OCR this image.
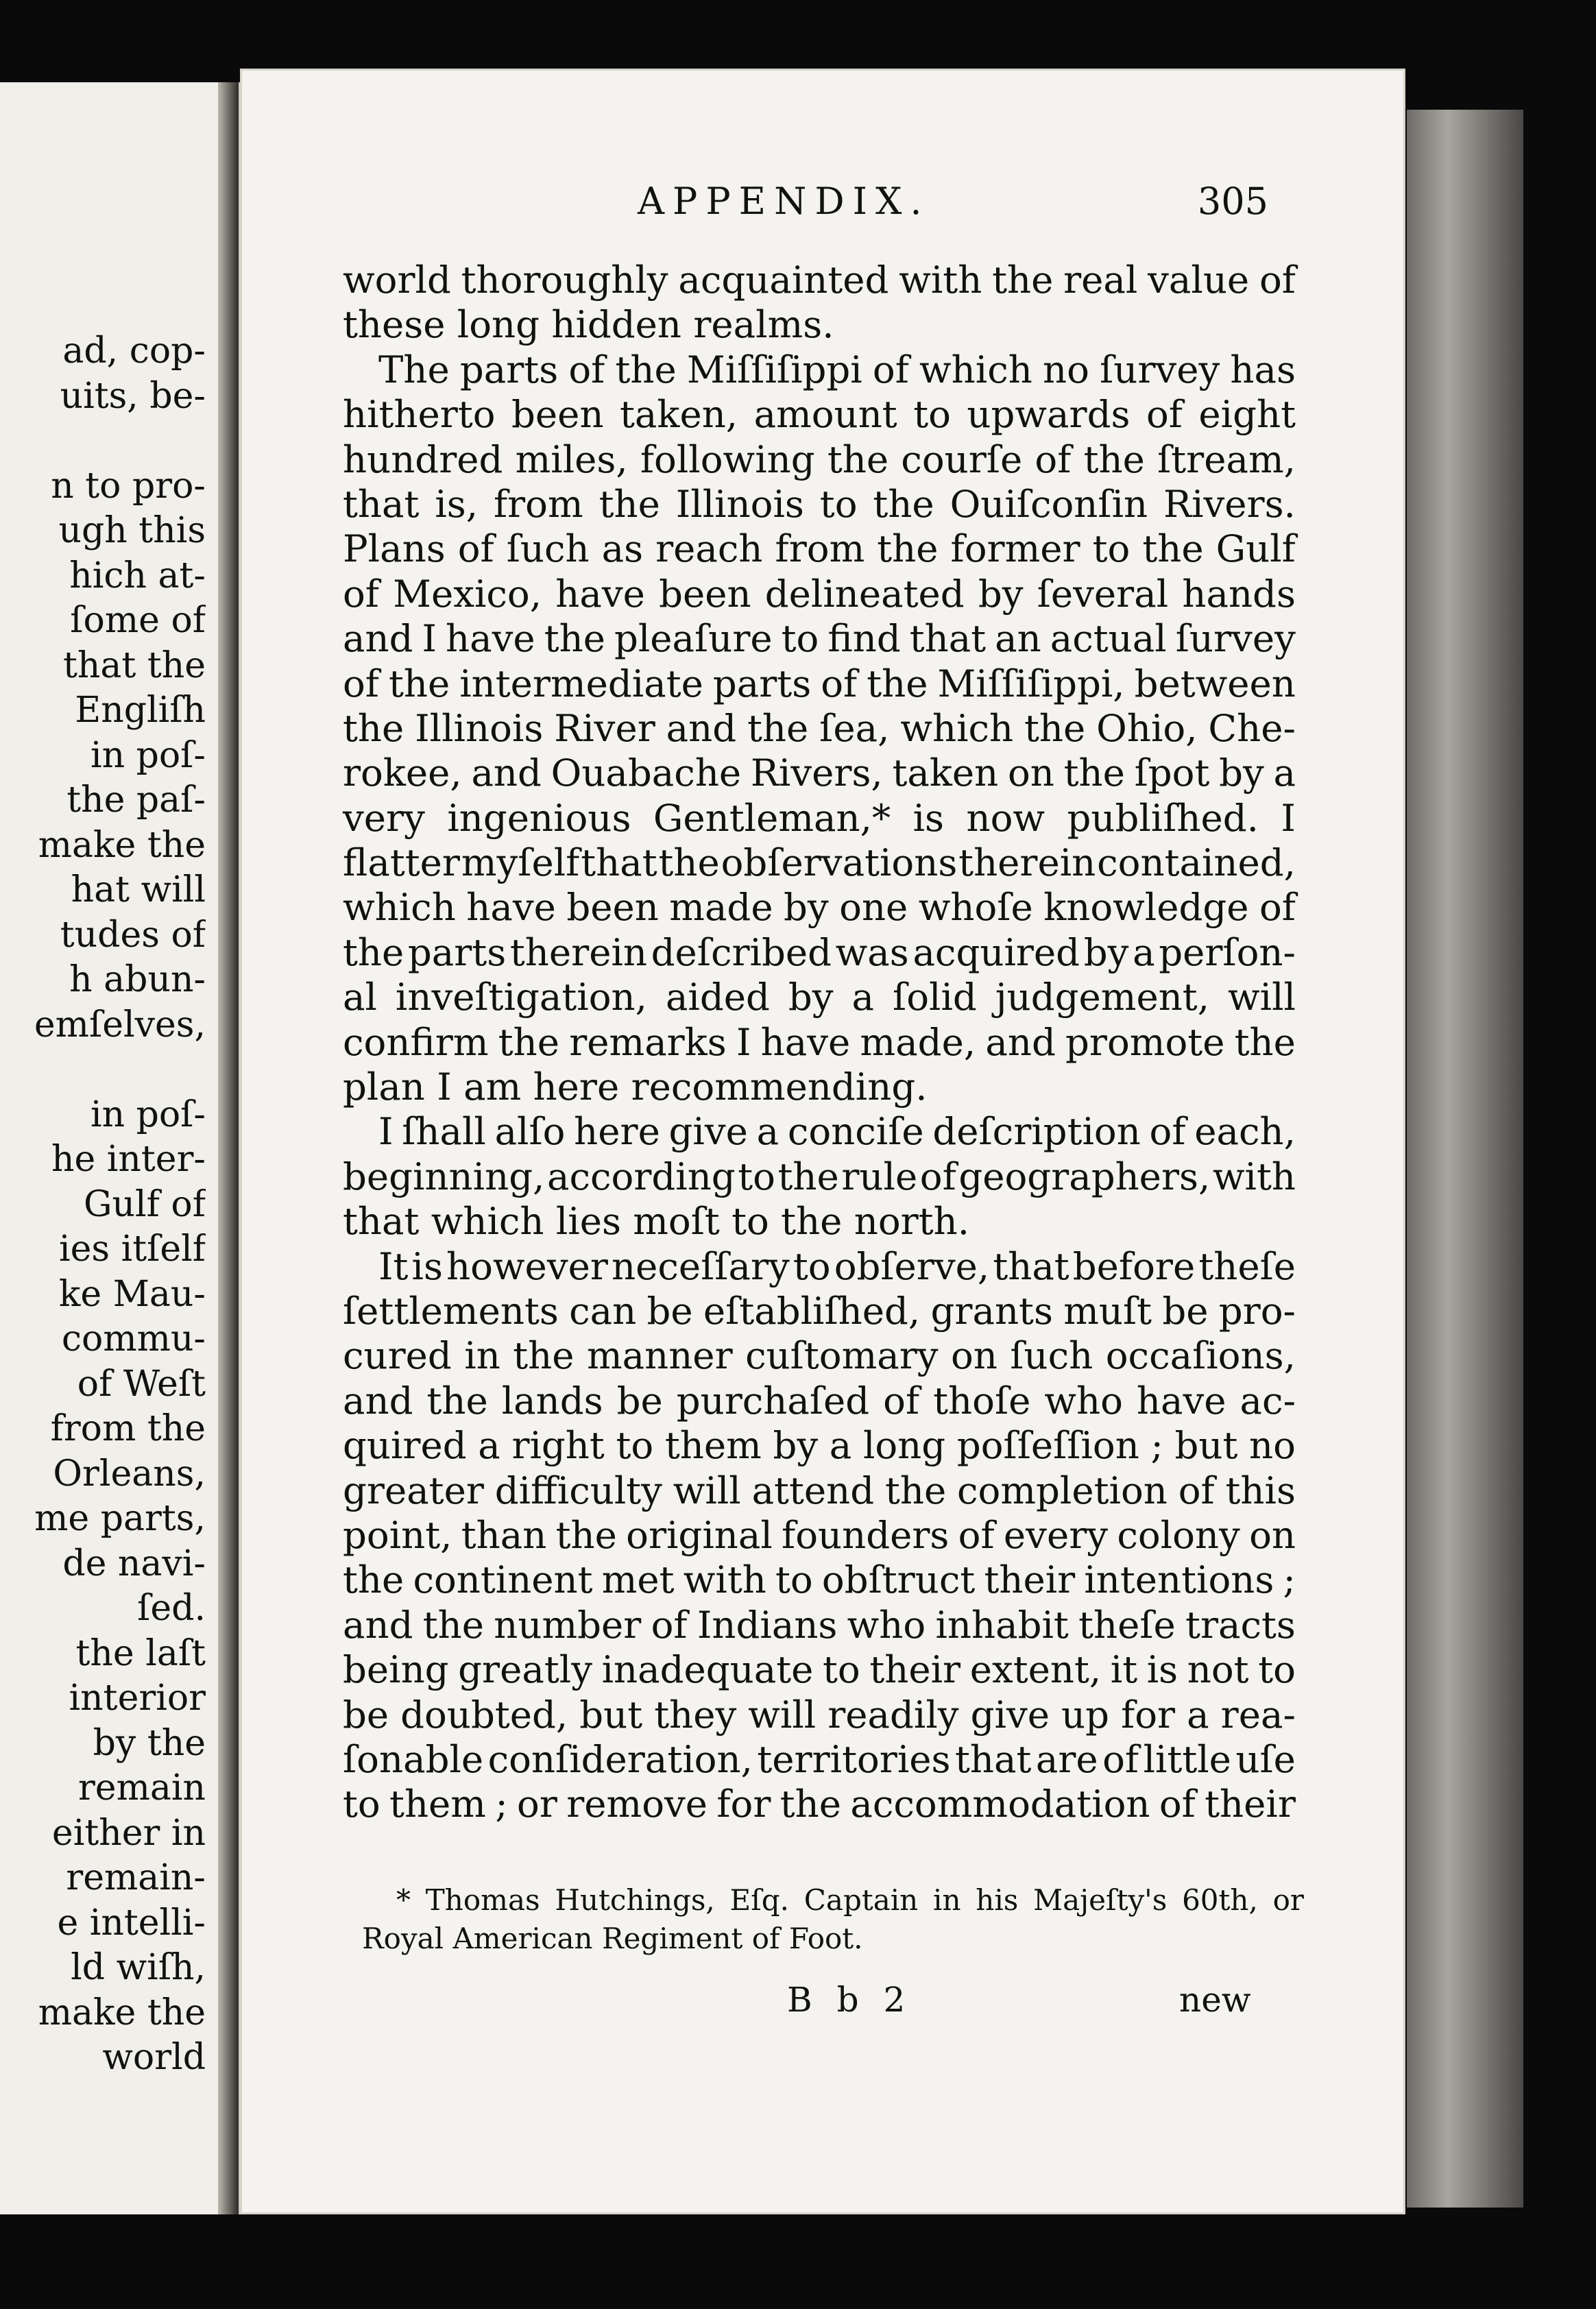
ad, cop-
uits, be-
n to pro-
ugh this
hich at-
ſome of
that the
Engliſh
in poſ-
the paſ-
make the
hat will
tudes of
h abun-
emſelves,
in poſ-
he inter-
Gulf of
ies itſelf
ke Mau-
commu-
of Weſt
from the
Orleans,
me parts,
de navi-
ſed.
the laſt
interior
by the
remain
either in
remain-
e intelli-
ld wiſh,
make the
world
APPENDIX.	305
world thoroughly acquainted with the real value of
these long hidden realms.
The parts of the Miſſiſippi of which no ſurvey has
hitherto been taken, amount to upwards of eight
hundred miles, following the courſe of the ſtream,
that is, from the Illinois to the Ouiſconſin Rivers.
Plans of ſuch as reach from the former to the Gulf
of Mexico, have been delineated by ſeveral hands
and I have the pleaſure to find that an actual ſurvey
of the intermediate parts of the Miſſiſippi, between
the Illinois River and the ſea, which the Ohio, Che-
rokee, and Ouabache Rivers, taken on the ſpot by a
very ingenious Gentleman,* is now publiſhed. I
flatter myſelf that the obſervations therein contained,
which have been made by one whoſe knowledge of
the parts therein deſcribed was acquired by a perſon-
al inveſtigation, aided by a ſolid judgement, will
confirm the remarks I have made, and promote the
plan I am here recommending.
I ſhall alſo here give a conciſe deſcription of each,
beginning, according to the rule of geographers, with
that which lies moſt to the north.
It is however neceſſary to obſerve, that before theſe
ſettlements can be eſtabliſhed, grants muſt be pro-
cured in the manner cuſtomary on ſuch occaſions,
and the lands be purchaſed of thoſe who have ac-
quired a right to them by a long poſſeſſion ; but no
greater difficulty will attend the completion of this
point, than the original founders of every colony on
the continent met with to obſtruct their intentions ;
and the number of Indians who inhabit theſe tracts
being greatly inadequate to their extent, it is not to
be doubted, but they will readily give up for a rea-
ſonable conſideration, territories that are of little uſe
to them ; or remove for the accommodation of their
* Thomas Hutchings, Eſq. Captain in his Majeſty's 60th, or
Royal American Regiment of Foot.
B b 2	new
